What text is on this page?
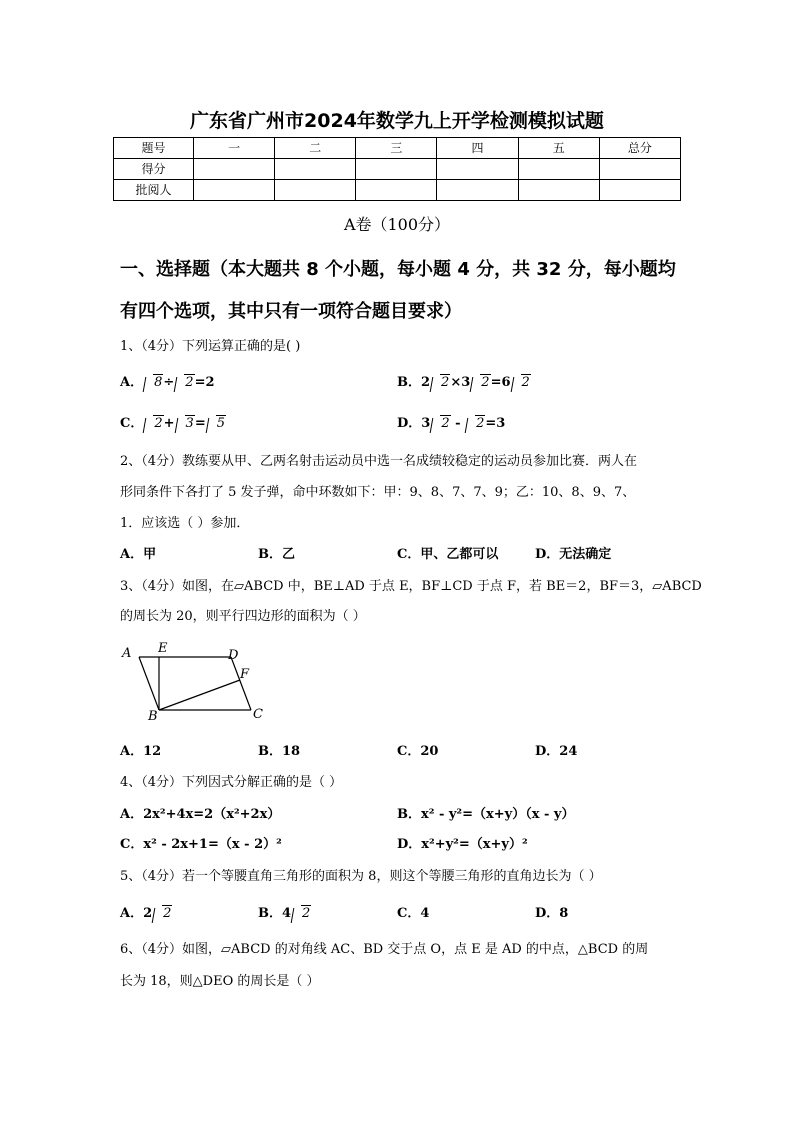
广东省广州市2024年数学九上开学检测模拟试题
题号	一	二	三	四	五	总分
得分						
批阅人						
A卷（100分）
一、选择题（本大题共 8 个小题，每小题 4 分，共 32 分，每小题均
有四个选项，其中只有一项符合题目要求）
1、（4分）下列运算正确的是( )
A． 8÷ 2=2	B．2 2×3 2=6 2
C． 2+ 3= 5	D．3 2 - 2=3
2、（4分）教练要从甲、乙两名射击运动员中选一名成绩较稳定的运动员参加比赛．两人在
形同条件下各打了 5 发子弹，命中环数如下：甲：9、8、7、7、9；乙：10、8、9、7、
1．应该选（ ）参加．
A．甲	B．乙	C．甲、乙都可以	D．无法确定
3、（4分）如图，在▱ABCD 中，BE⊥AD 于点 E，BF⊥CD 于点 F，若 BE＝2，BF＝3，▱ABCD
的周长为 20，则平行四边形的面积为（ ）
A E	D
F
B	C
A．12	B．18	C．20	D．24
4、（4分）下列因式分解正确的是（ ）
A．2x²+4x=2（x²+2x）	B．x² - y²=（x+y）（x - y）
C．x² - 2x+1=（x - 2）²	D．x²+y²=（x+y）²
5、（4分）若一个等腰直角三角形的面积为 8，则这个等腰三角形的直角边长为（ ）
A．2 2	B．4 2	C．4	D．8
6、（4分）如图，▱ABCD 的对角线 AC、BD 交于点 O，点 E 是 AD 的中点，△BCD 的周
长为 18，则△DEO 的周长是（ ）
